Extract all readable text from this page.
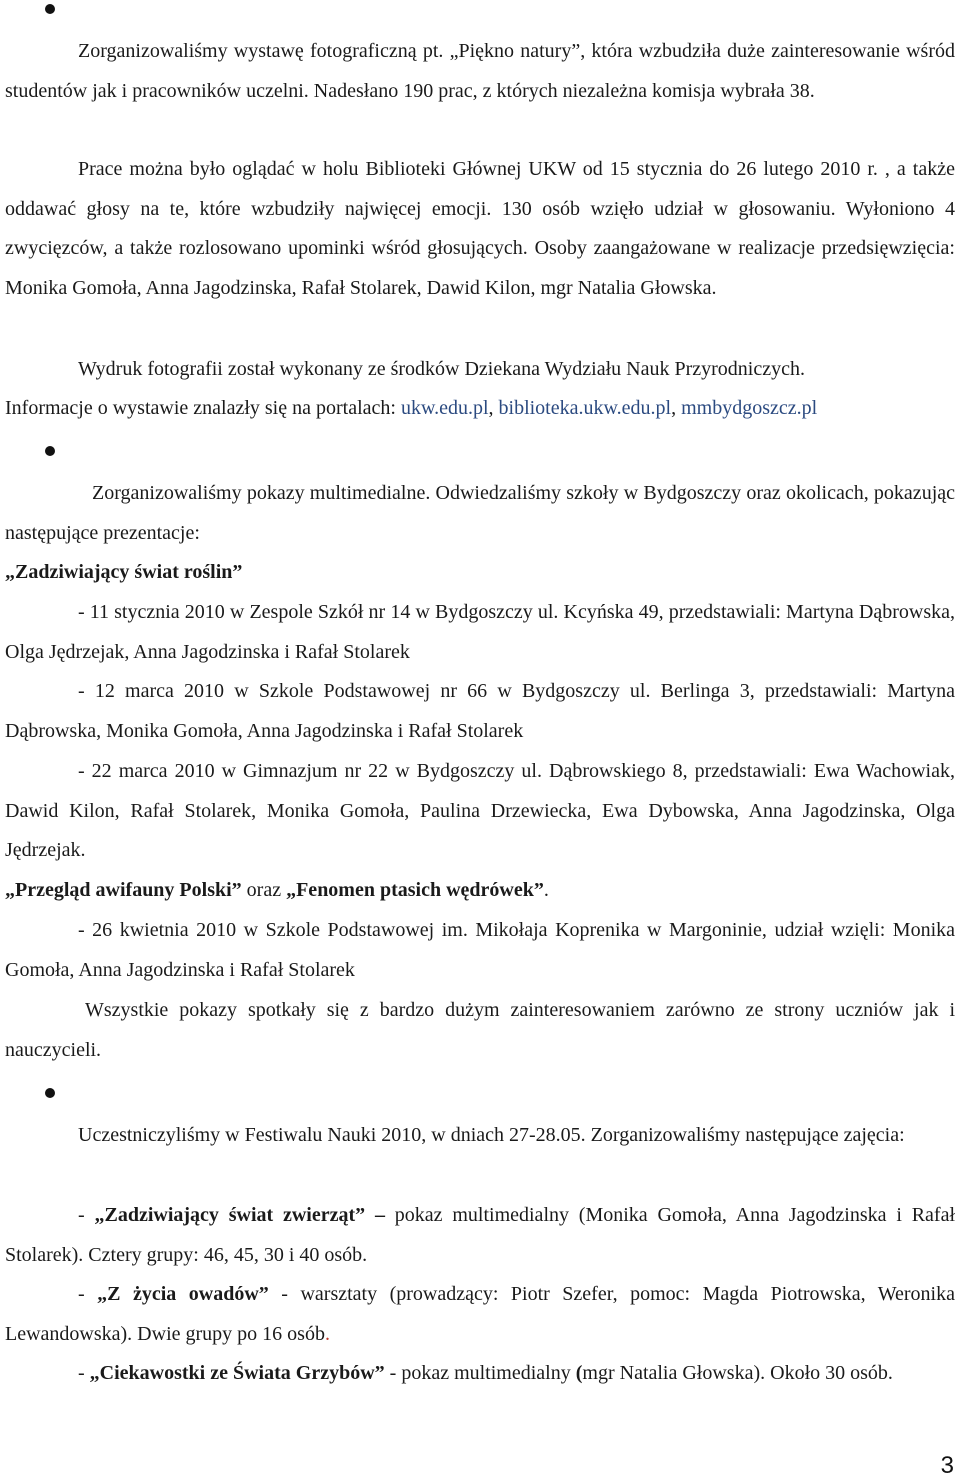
Zorganizowaliśmy wystawę fotograficzną pt. „Piękno natury”, która wzbudziła duże zainteresowanie wśród studentów jak i pracowników uczelni. Nadesłano 190 prac, z których niezależna komisja wybrała 38.

Prace można było oglądać w holu Biblioteki Głównej UKW od 15 stycznia do 26 lutego 2010 r. , a także oddawać głosy na te, które wzbudziły najwięcej emocji. 130 osób wzięło udział w głosowaniu. Wyłoniono 4 zwycięzców, a także rozlosowano upominki wśród głosujących. Osoby zaangażowane w realizacje przedsięwzięcia: Monika Gomoła, Anna Jagodzinska, Rafał Stolarek, Dawid Kilon, mgr Natalia Głowska.

Wydruk fotografii został wykonany ze środków Dziekana Wydziału Nauk Przyrodniczych.

Informacje o wystawie znalazły się na portalach: ukw.edu.pl, biblioteka.ukw.edu.pl, mmbydgoszcz.pl

Zorganizowaliśmy pokazy multimedialne. Odwiedzaliśmy szkoły w Bydgoszczy oraz okolicach, pokazując następujące prezentacje:

„Zadziwiający świat roślin”

- 11 stycznia 2010 w Zespole Szkół nr 14 w Bydgoszczy ul. Kcyńska 49, przedstawiali: Martyna Dąbrowska, Olga Jędrzejak, Anna Jagodzinska i Rafał Stolarek

- 12 marca 2010 w Szkole Podstawowej nr 66 w Bydgoszczy ul. Berlinga 3, przedstawiali: Martyna Dąbrowska, Monika Gomoła, Anna Jagodzinska i Rafał Stolarek

- 22 marca 2010 w Gimnazjum nr 22 w Bydgoszczy ul. Dąbrowskiego 8, przedstawiali: Ewa Wachowiak, Dawid Kilon, Rafał Stolarek, Monika Gomoła, Paulina Drzewiecka, Ewa Dybowska, Anna Jagodzinska, Olga Jędrzejak.

„Przegląd awifauny Polski” oraz „Fenomen ptasich wędrówek”.

- 26 kwietnia 2010 w Szkole Podstawowej im. Mikołaja Koprenika w Margoninie, udział wzięli: Monika Gomoła, Anna Jagodzinska i Rafał Stolarek

Wszystkie pokazy spotkały się z bardzo dużym zainteresowaniem zarówno ze strony uczniów jak i nauczycieli.

Uczestniczyliśmy w Festiwalu Nauki 2010, w dniach 27-28.05. Zorganizowaliśmy następujące zajęcia:

- „Zadziwiający świat zwierząt” – pokaz multimedialny (Monika Gomoła, Anna Jagodzinska i Rafał Stolarek). Cztery grupy: 46, 45, 30 i 40 osób.

- „Z życia owadów” - warsztaty (prowadzący: Piotr Szefer, pomoc: Magda Piotrowska, Weronika Lewandowska). Dwie grupy po 16 osób.

- „Ciekawostki ze Świata Grzybów” - pokaz multimedialny (mgr Natalia Głowska). Około 30 osób.

3
